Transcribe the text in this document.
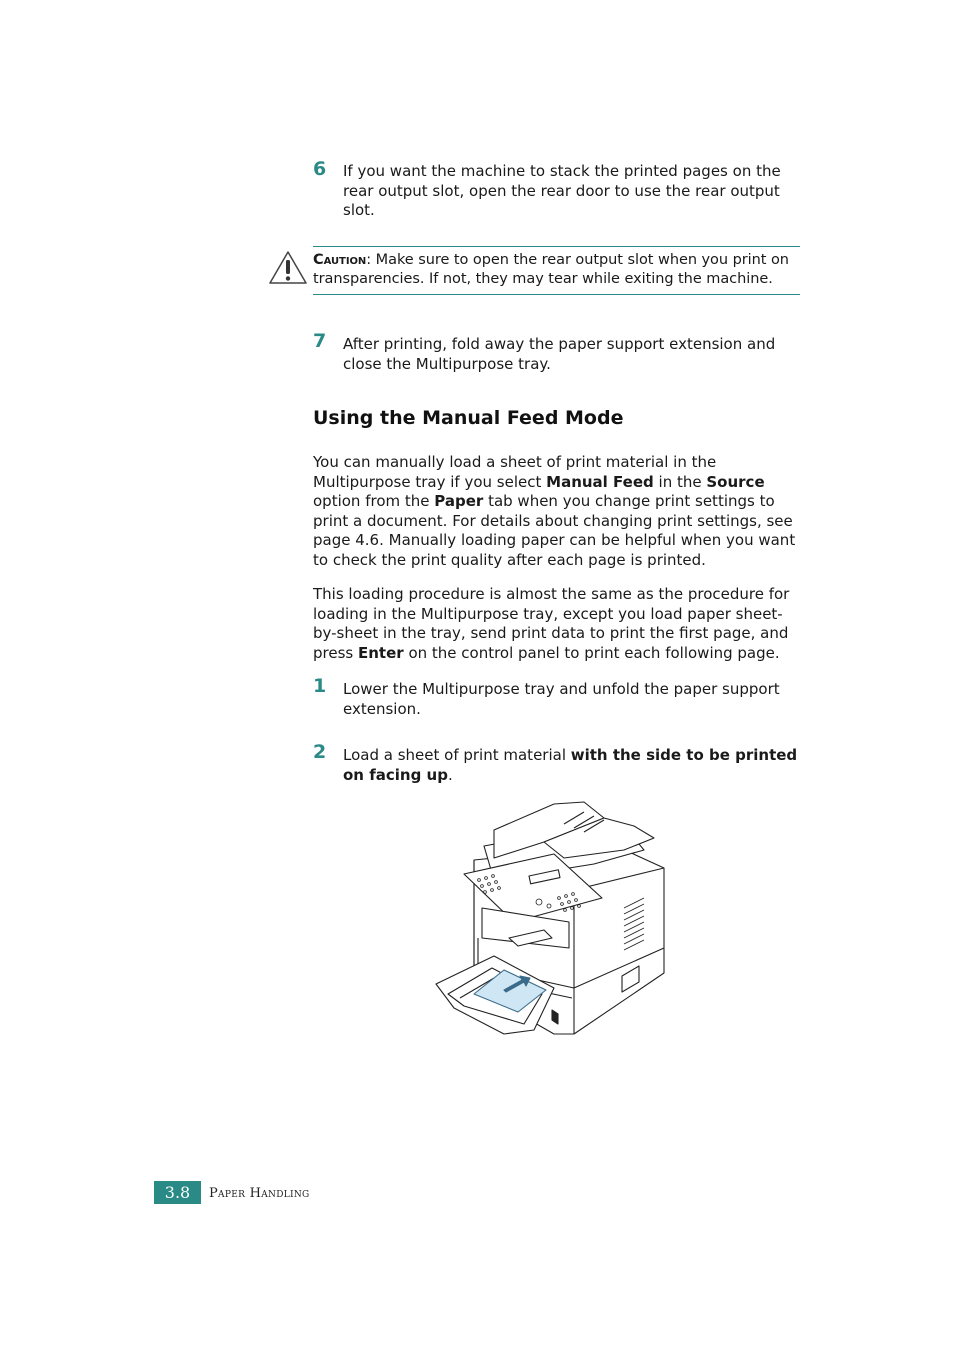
6	If you want the machine to stack the printed pages on the rear output slot, open the rear door to use the rear output slot.
Caution: Make sure to open the rear output slot when you print on transparencies. If not, they may tear while exiting the machine.
7	After printing, fold away the paper support extension and close the Multipurpose tray.
Using the Manual Feed Mode
You can manually load a sheet of print material in the Multipurpose tray if you select Manual Feed in the Source option from the Paper tab when you change print settings to print a document. For details about changing print settings, see page 4.6. Manually loading paper can be helpful when you want to check the print quality after each page is printed.
This loading procedure is almost the same as the procedure for loading in the Multipurpose tray, except you load paper sheet-by-sheet in the tray, send print data to print the first page, and press Enter on the control panel to print each following page.
1	Lower the Multipurpose tray and unfold the paper support extension.
2	Load a sheet of print material with the side to be printed on facing up.
3.8	Paper Handling
